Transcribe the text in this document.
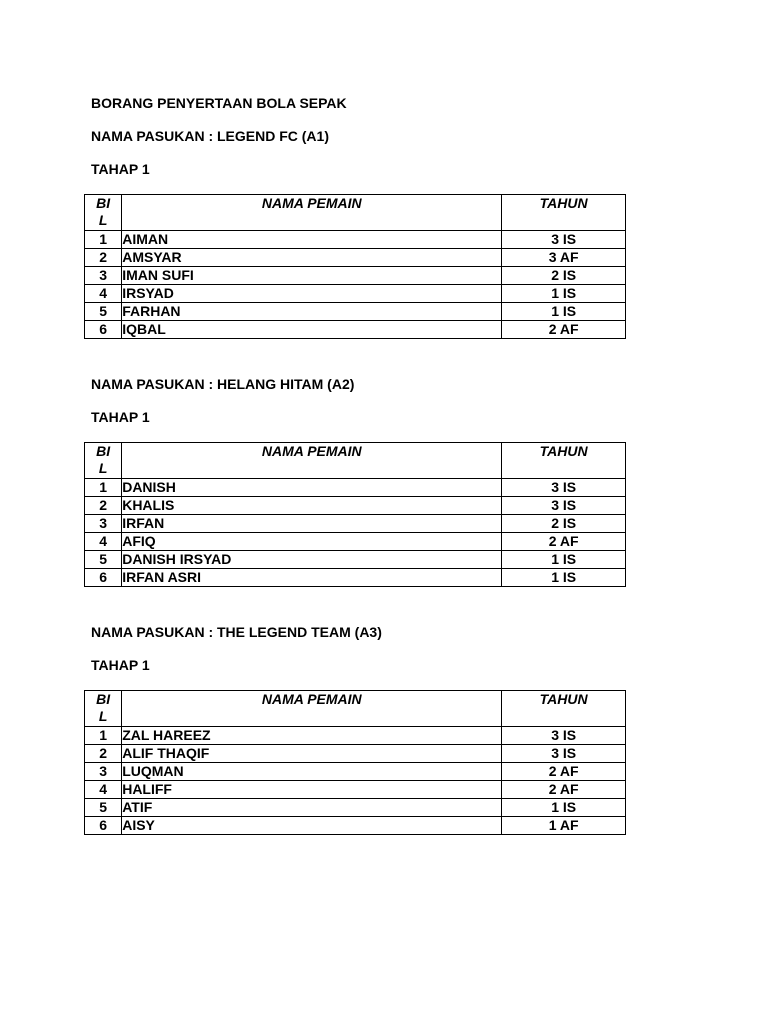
BORANG PENYERTAAN BOLA SEPAK
NAMA PASUKAN : LEGEND FC (A1)
TAHAP 1
BI
L	NAMA PEMAIN	TAHUN
1	AIMAN	3 IS
2	AMSYAR	3 AF
3	IMAN SUFI	2 IS
4	IRSYAD	1 IS
5	FARHAN	1 IS
6	IQBAL	2 AF
NAMA PASUKAN : HELANG HITAM (A2)
TAHAP 1
BI
L	NAMA PEMAIN	TAHUN
1	DANISH	3 IS
2	KHALIS	3 IS
3	IRFAN	2 IS
4	AFIQ	2 AF
5	DANISH IRSYAD	1 IS
6	IRFAN ASRI	1 IS
NAMA PASUKAN : THE LEGEND TEAM (A3)
TAHAP 1
BI
L	NAMA PEMAIN	TAHUN
1	ZAL HAREEZ	3 IS
2	ALIF THAQIF	3 IS
3	LUQMAN	2 AF
4	HALIFF	2 AF
5	ATIF	1 IS
6	AISY	1 AF
